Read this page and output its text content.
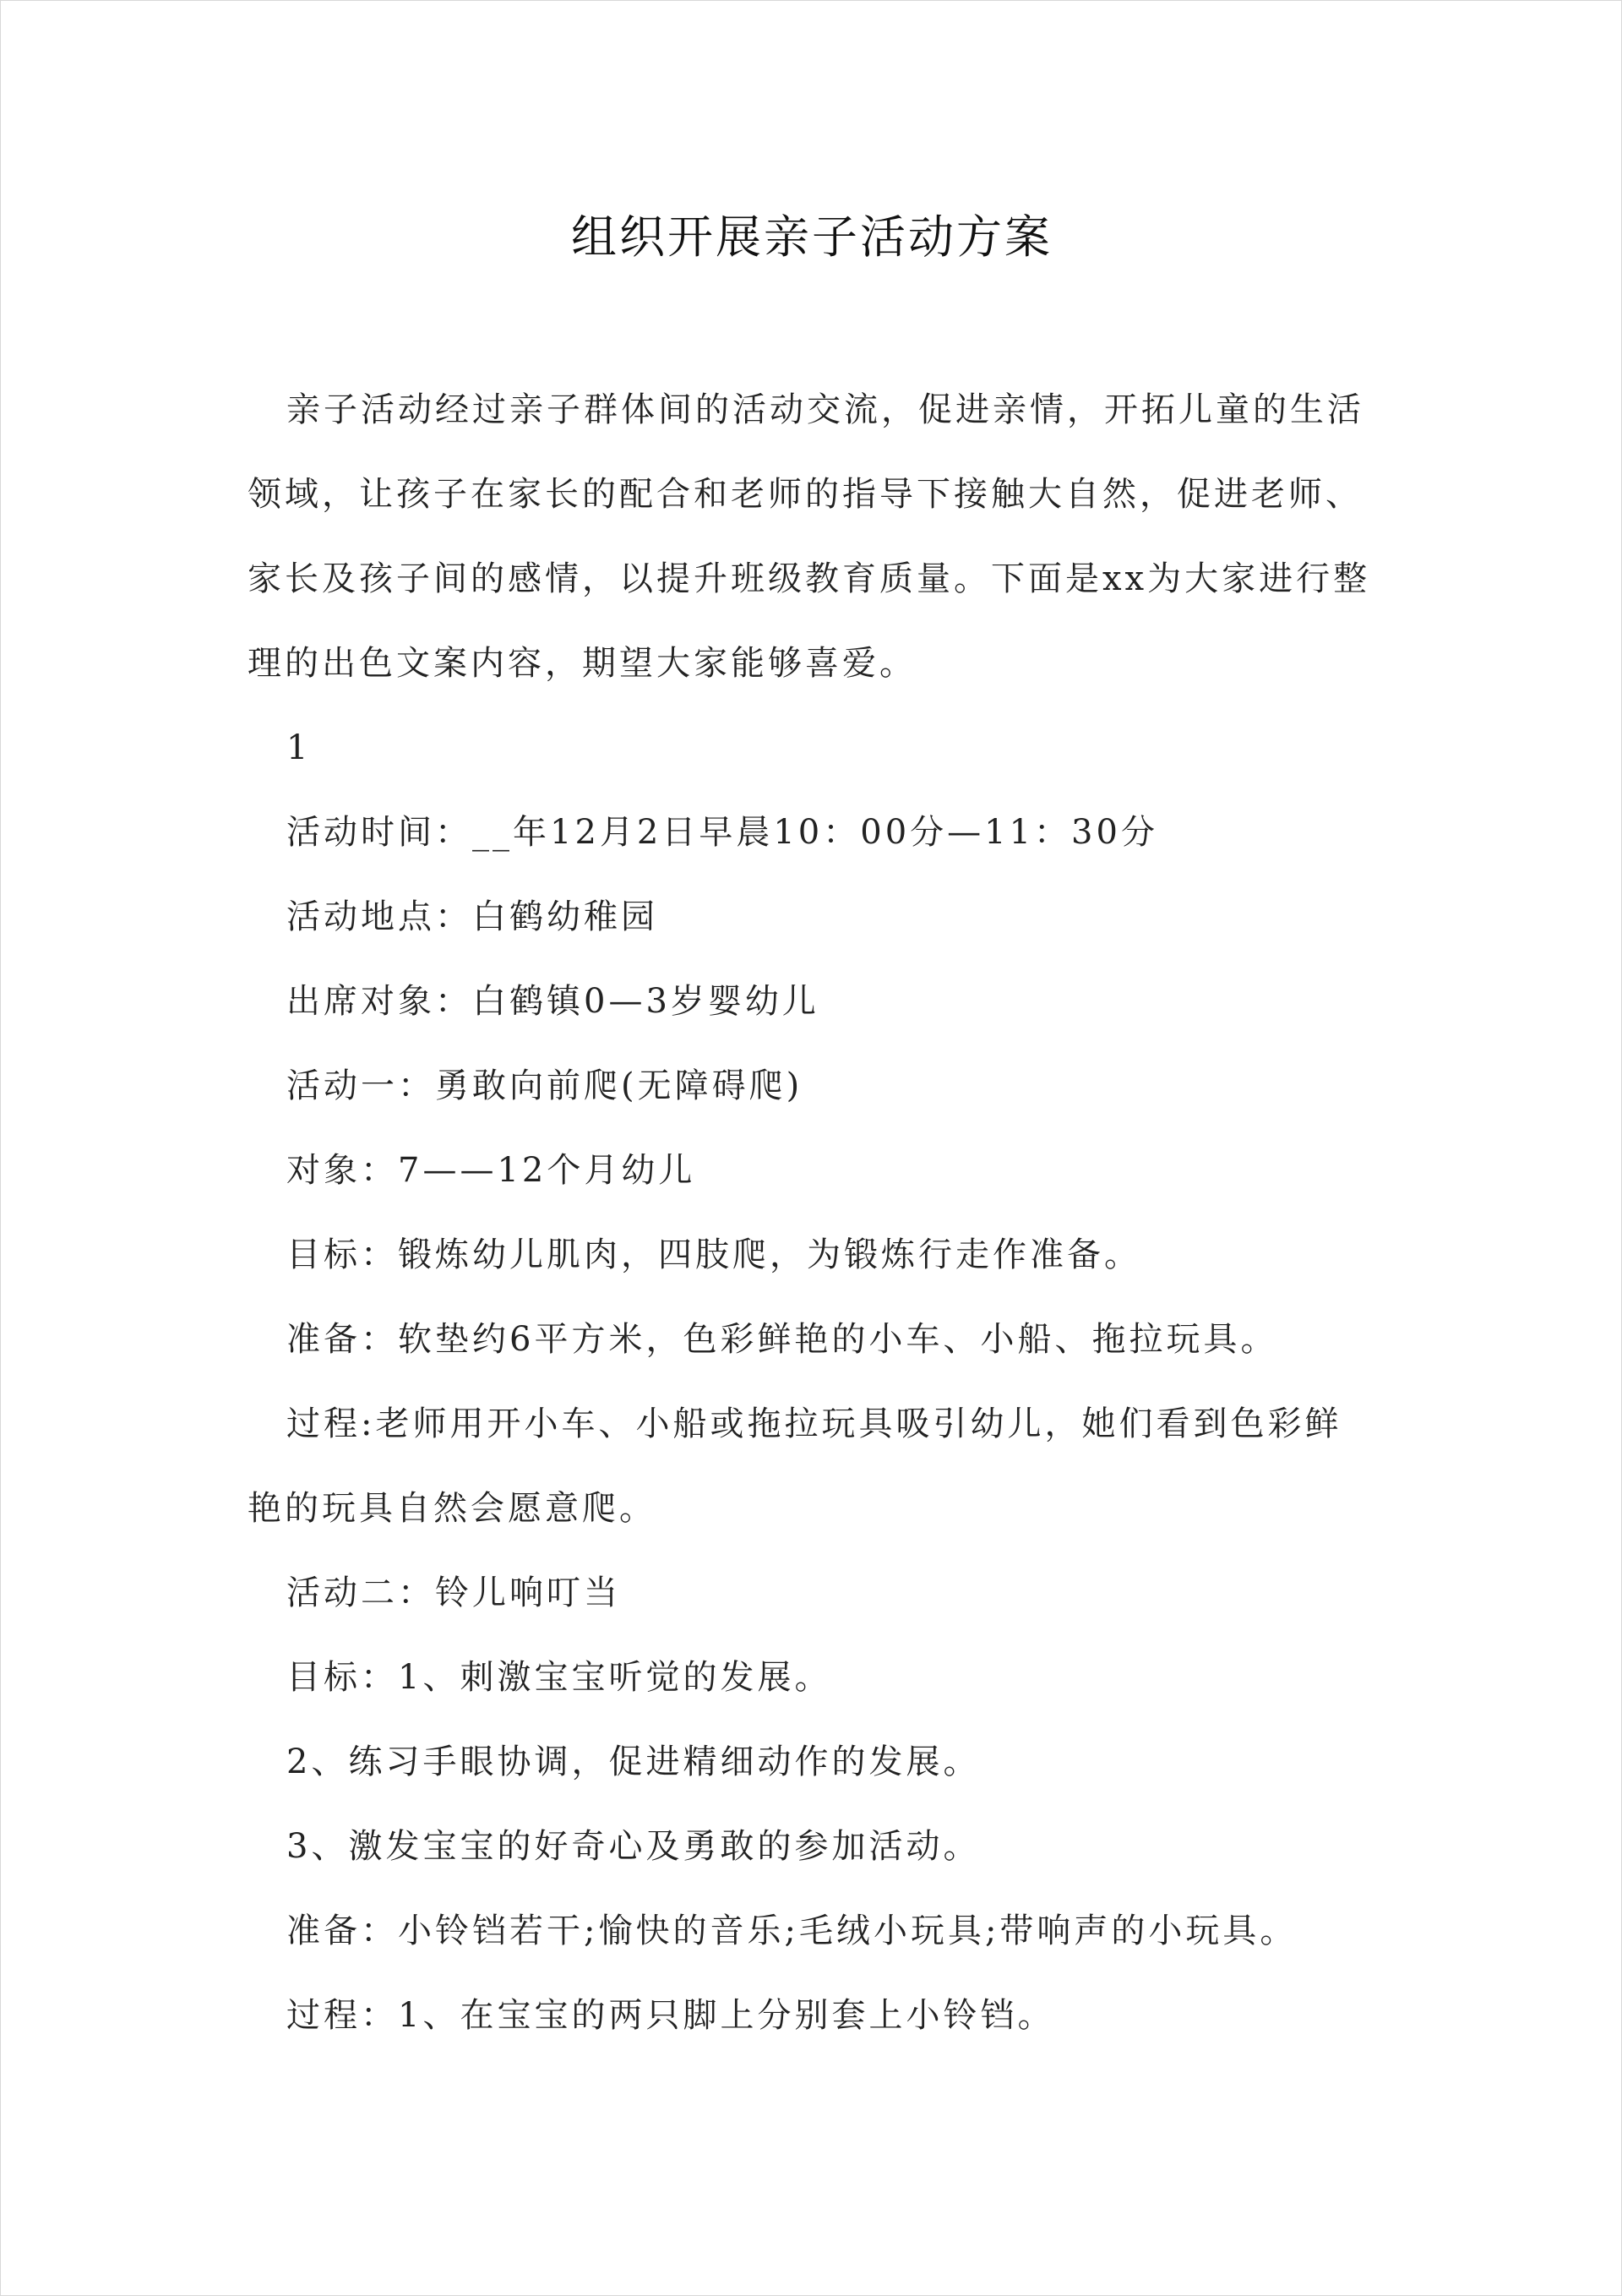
组织开展亲子活动方案

亲子活动经过亲子群体间的活动交流，促进亲情，开拓儿童的生活领域，让孩子在家长的配合和老师的指导下接触大自然，促进老师、家长及孩子间的感情，以提升班级教育质量。下面是xx为大家进行整理的出色文案内容，期望大家能够喜爱。

1

活动时间：__年12月2日早晨10：00分—11：30分

活动地点：白鹤幼稚园

出席对象：白鹤镇0—3岁婴幼儿

活动一：勇敢向前爬(无障碍爬)

对象：7——12个月幼儿

目标：锻炼幼儿肌肉，四肢爬，为锻炼行走作准备。

准备：软垫约6平方米，色彩鲜艳的小车、小船、拖拉玩具。

过程:老师用开小车、小船或拖拉玩具吸引幼儿，她们看到色彩鲜艳的玩具自然会愿意爬。

活动二：铃儿响叮当

目标：1、刺激宝宝听觉的发展。

2、练习手眼协调，促进精细动作的发展。

3、激发宝宝的好奇心及勇敢的参加活动。

准备：小铃铛若干;愉快的音乐;毛绒小玩具;带响声的小玩具。

过程：1、在宝宝的两只脚上分别套上小铃铛。
